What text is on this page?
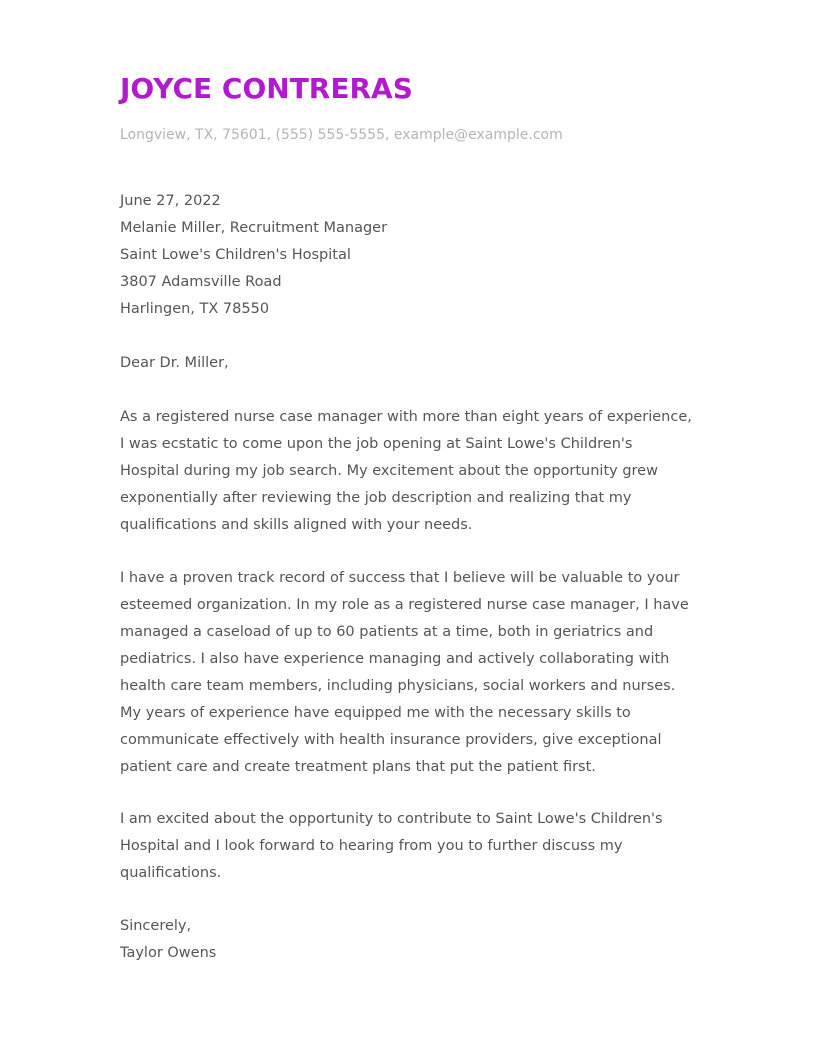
JOYCE CONTRERAS
Longview, TX, 75601, (555) 555-5555, example@example.com
June 27, 2022
Melanie Miller, Recruitment Manager
Saint Lowe's Children's Hospital
3807 Adamsville Road
Harlingen, TX 78550
Dear Dr. Miller,
As a registered nurse case manager with more than eight years of experience,
I was ecstatic to come upon the job opening at Saint Lowe's Children's
Hospital during my job search. My excitement about the opportunity grew
exponentially after reviewing the job description and realizing that my
qualifications and skills aligned with your needs.
I have a proven track record of success that I believe will be valuable to your
esteemed organization. In my role as a registered nurse case manager, I have
managed a caseload of up to 60 patients at a time, both in geriatrics and
pediatrics. I also have experience managing and actively collaborating with
health care team members, including physicians, social workers and nurses.
My years of experience have equipped me with the necessary skills to
communicate effectively with health insurance providers, give exceptional
patient care and create treatment plans that put the patient first.
I am excited about the opportunity to contribute to Saint Lowe's Children's
Hospital and I look forward to hearing from you to further discuss my
qualifications.
Sincerely,
Taylor Owens
